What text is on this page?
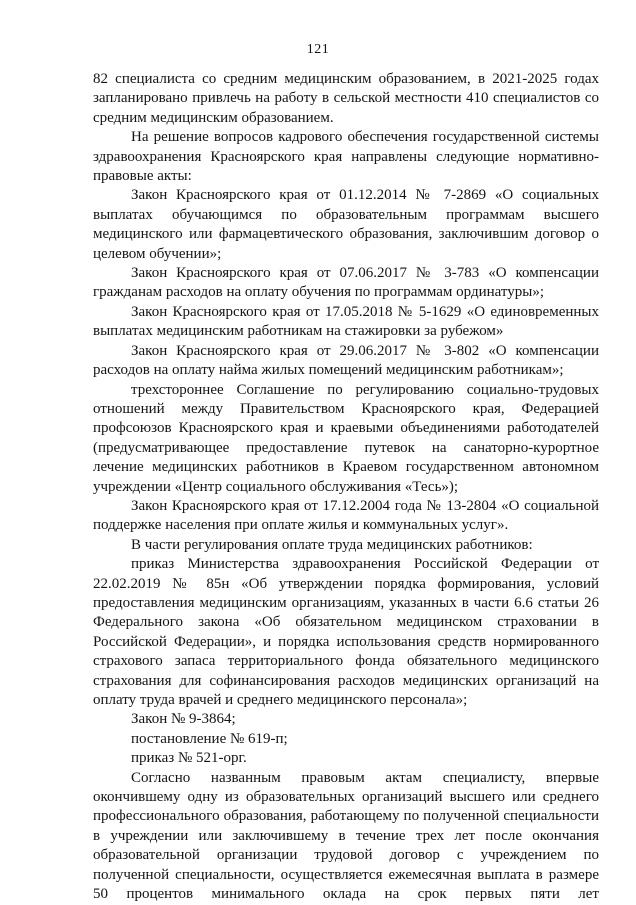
121

82 специалиста со средним медицинским образованием, в 2021-2025 годах запланировано привлечь на работу в сельской местности 410 специалистов со средним медицинским образованием.

На решение вопросов кадрового обеспечения государственной системы здравоохранения Красноярского края направлены следующие нормативно-правовые акты:

Закон Красноярского края от 01.12.2014 № 7-2869 «О социальных выплатах обучающимся по образовательным программам высшего медицинского или фармацевтического образования, заключившим договор о целевом обучении»;

Закон Красноярского края от 07.06.2017 № 3-783 «О компенсации гражданам расходов на оплату обучения по программам ординатуры»;

Закон Красноярского края от 17.05.2018 № 5-1629 «О единовременных выплатах медицинским работникам на стажировки за рубежом»

Закон Красноярского края от 29.06.2017 № 3-802 «О компенсации расходов на оплату найма жилых помещений медицинским работникам»;

трехстороннее Соглашение по регулированию социально-трудовых отношений между Правительством Красноярского края, Федерацией профсоюзов Красноярского края и краевыми объединениями работодателей (предусматривающее предоставление путевок на санаторно-курортное лечение медицинских работников в Краевом государственном автономном учреждении «Центр социального обслуживания «Тесь»);

Закон Красноярского края от 17.12.2004 года № 13-2804 «О социальной поддержке населения при оплате жилья и коммунальных услуг».

В части регулирования оплате труда медицинских работников:

приказ Министерства здравоохранения Российской Федерации от 22.02.2019 № 85н «Об утверждении порядка формирования, условий предоставления медицинским организациям, указанных в части 6.6 статьи 26 Федерального закона «Об обязательном медицинском страховании в Российской Федерации», и порядка использования средств нормированного страхового запаса территориального фонда обязательного медицинского страхования для софинансирования расходов медицинских организаций на оплату труда врачей и среднего медицинского персонала»;

Закон № 9-3864;

постановление № 619-п;

приказ № 521-орг.

Согласно названным правовым актам специалисту, впервые окончившему одну из образовательных организаций высшего или среднего профессионального образования, работающему по полученной специальности в учреждении или заключившему в течение трех лет после окончания образовательной организации трудовой договор с учреждением по полученной специальности, осуществляется ежемесячная выплата в размере 50 процентов минимального оклада на срок первых пяти лет
